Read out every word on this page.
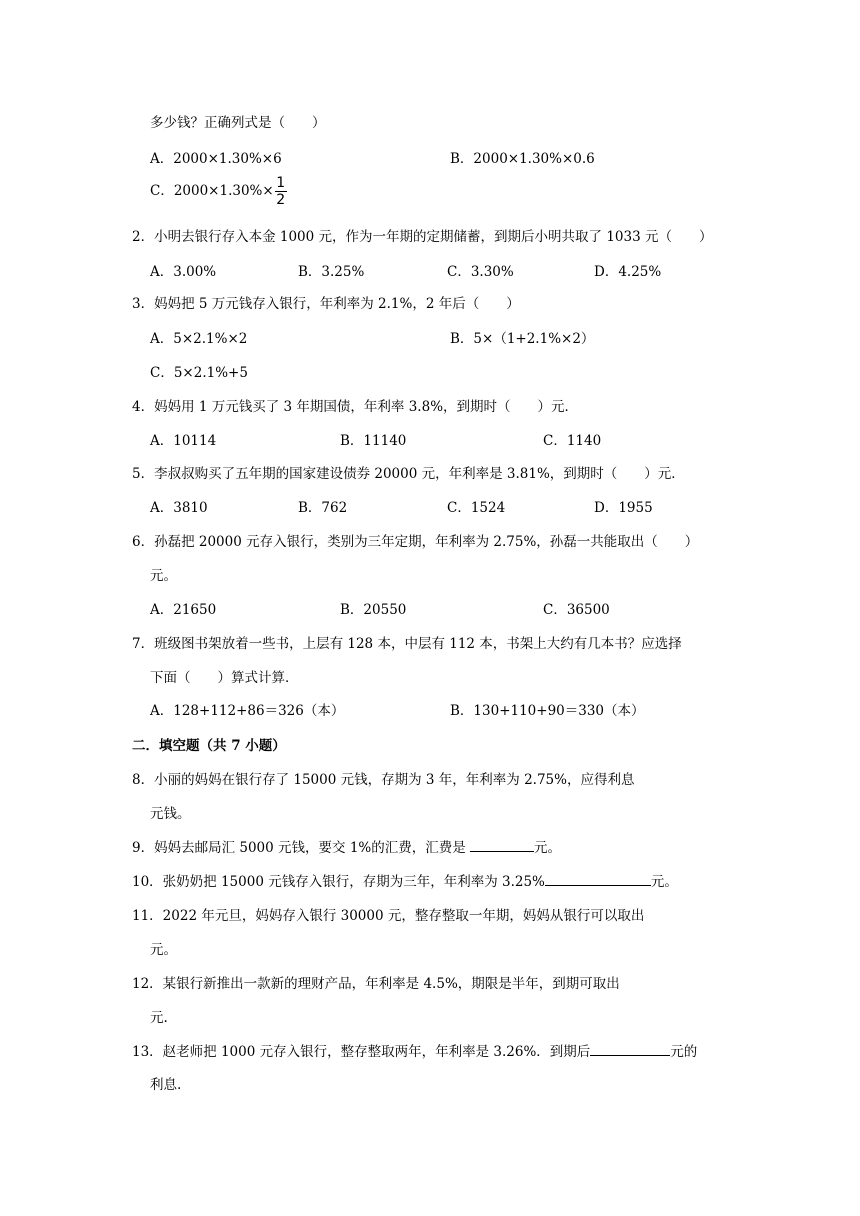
多少钱？正确列式是（　　）
A．2000×1.30%×6	B．2000×1.30%×0.6
C．$2000\times 1.30\%\times \frac{1}{2}$
2．小明去银行存入本金 1000 元，作为一年期的定期储蓄，到期后小明共取了 1033 元（　　）
A．3.00%	B．3.25%	C．3.30%	D．4.25%
3．妈妈把 5 万元钱存入银行，年利率为 2.1%，2 年后（　　）
A．5×2.1%×2	B．5×（1+2.1%×2）
C．5×2.1%+5
4．妈妈用 1 万元钱买了 3 年期国债，年利率 3.8%，到期时（　　）元．
A．10114	B．11140	C．1140
5．李叔叔购买了五年期的国家建设债券 20000 元，年利率是 3.81%，到期时（　　）元．
A．3810	B．762	C．1524	D．1955
6．孙磊把 20000 元存入银行，类别为三年定期，年利率为 2.75%，孙磊一共能取出（　　）
元。
A．21650	B．20550	C．36500
7．班级图书架放着一些书，上层有 128 本，中层有 112 本，书架上大约有几本书？应选择
下面（　　）算式计算．
A．128+112+86＝326（本）	B．130+110+90＝330（本）
二．填空题（共 7 小题）
8．小丽的妈妈在银行存了 15000 元钱，存期为 3 年，年利率为 2.75%，应得利息
元钱。
9．妈妈去邮局汇 5000 元钱，要交 1%的汇费，汇费是	元。
10．张奶奶把 15000 元钱存入银行，存期为三年，年利率为 3.25%	元。
11．2022 年元旦，妈妈存入银行 30000 元，整存整取一年期，妈妈从银行可以取出
元。
12．某银行新推出一款新的理财产品，年利率是 4.5%，期限是半年，到期可取出
元.
13．赵老师把 1000 元存入银行，整存整取两年，年利率是 3.26%．到期后	元的
利息.
